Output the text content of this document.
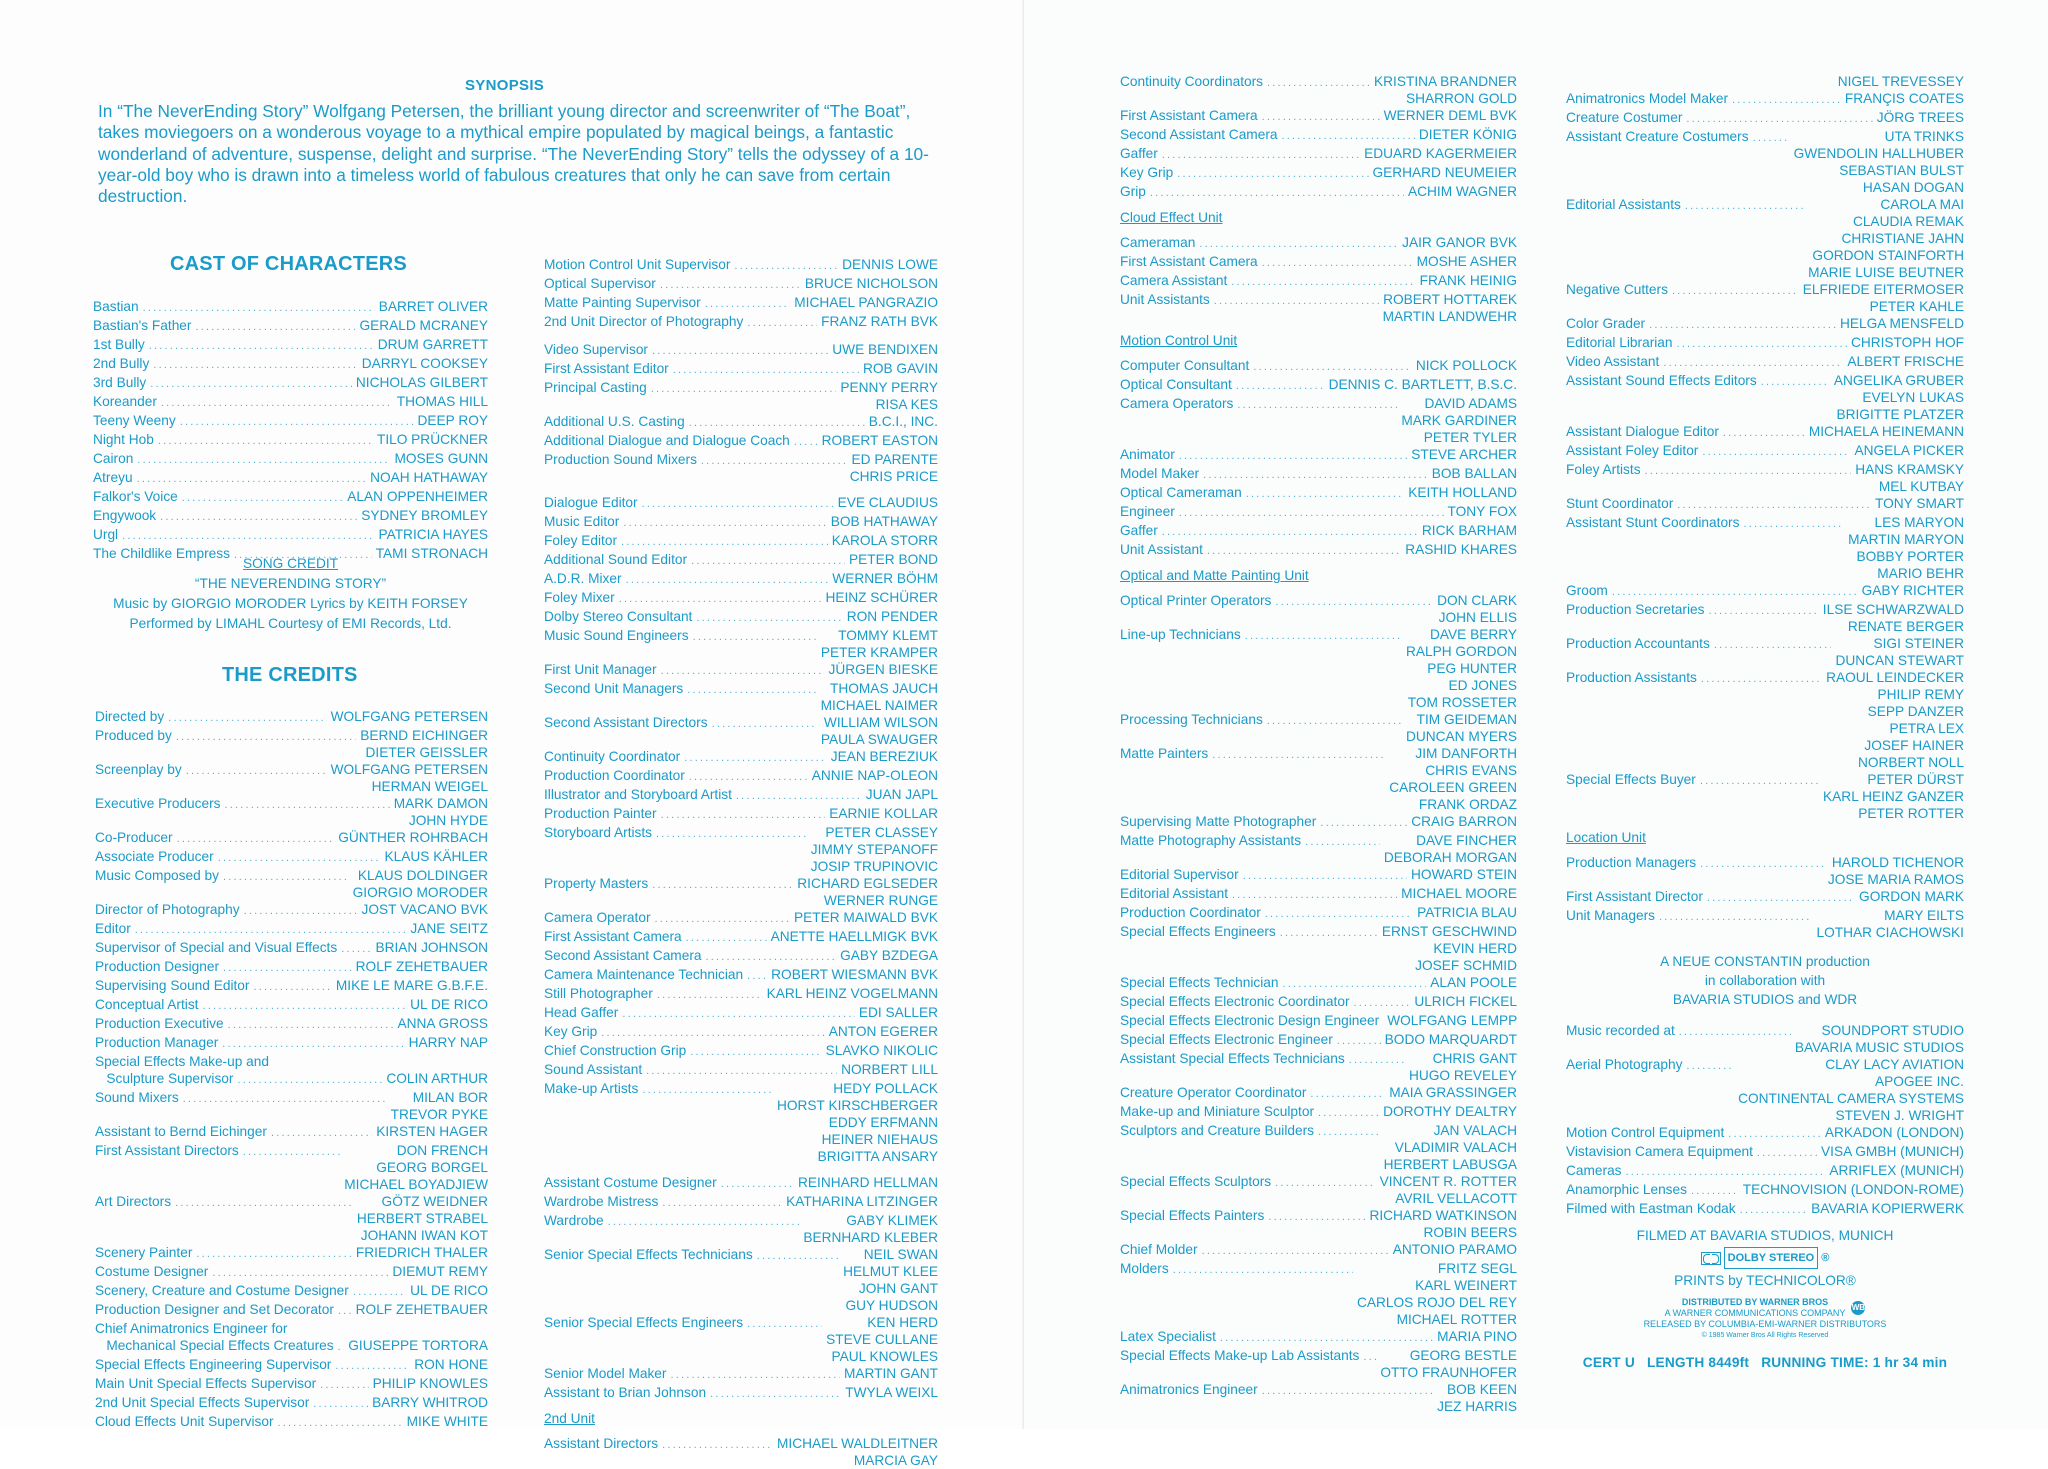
SYNOPSIS
In “The NeverEnding Story” Wolfgang Petersen, the brilliant young director and screenwriter of “The Boat”, takes moviegoers on a wonderous voyage to a mythical empire populated by magical beings, a fantastic wonderland of adventure, suspense, delight and surprise. “The NeverEnding Story” tells the odyssey of a 10-year-old boy who is drawn into a timeless world of fabulous creatures that only he can save from certain destruction.
CAST OF CHARACTERS
Bastian .....	BARRET OLIVER
Bastian's Father .....	GERALD MCRANEY
1st Bully .....	DRUM GARRETT
2nd Bully .....	DARRYL COOKSEY
3rd Bully .....	NICHOLAS GILBERT
Koreander .....	THOMAS HILL
Teeny Weeny .....	DEEP ROY
Night Hob .....	TILO PRÜCKNER
Cairon .....	MOSES GUNN
Atreyu .....	NOAH HATHAWAY
Falkor's Voice .....	ALAN OPPENHEIMER
Engywook .....	SYDNEY BROMLEY
Urgl .....	PATRICIA HAYES
The Childlike Empress .....	TAMI STRONACH
SONG CREDIT
“THE NEVERENDING STORY”
Music by GIORGIO MORODER Lyrics by KEITH FORSEY
Performed by LIMAHL Courtesy of EMI Records, Ltd.
THE CREDITS
Directed by .....	WOLFGANG PETERSEN
Produced by .....	BERND EICHINGER
DIETER GEISSLER
Screenplay by .....	WOLFGANG PETERSEN
HERMAN WEIGEL
Executive Producers .....	MARK DAMON
JOHN HYDE
Co-Producer .....	GÜNTHER ROHRBACH
Associate Producer .....	KLAUS KÄHLER
Music Composed by .....	KLAUS DOLDINGER
GIORGIO MORODER
Director of Photography .....	JOST VACANO BVK
Editor .....	JANE SEITZ
Supervisor of Special and Visual Effects .....	BRIAN JOHNSON
Production Designer .....	ROLF ZEHETBAUER
Supervising Sound Editor .....	MIKE LE MARE G.B.F.E.
Conceptual Artist .....	UL DE RICO
Production Executive .....	ANNA GROSS
Production Manager .....	HARRY NAP
Special Effects Make-up and
Sculpture Supervisor .....	COLIN ARTHUR
Sound Mixers .....	MILAN BOR
TREVOR PYKE
Assistant to Bernd Eichinger .....	KIRSTEN HAGER
First Assistant Directors .....	DON FRENCH
GEORG BORGEL
MICHAEL BOYADJIEW
Art Directors .....	GÖTZ WEIDNER
HERBERT STRABEL
JOHANN IWAN KOT
Scenery Painter .....	FRIEDRICH THALER
Costume Designer .....	DIEMUT REMY
Scenery, Creature and Costume Designer .....	UL DE RICO
Production Designer and Set Decorator ..... ROLF ZEHETBAUER
Chief Animatronics Engineer for
Mechanical Special Effects Creatures ..... GIUSEPPE TORTORA
Special Effects Engineering Supervisor .....	RON HONE
Main Unit Special Effects Supervisor .....	PHILIP KNOWLES
2nd Unit Special Effects Supervisor .....	BARRY WHITROD
Cloud Effects Unit Supervisor .....	MIKE WHITE
Motion Control Unit Supervisor .....	DENNIS LOWE
Optical Supervisor .....	BRUCE NICHOLSON
Matte Painting Supervisor .....	MICHAEL PANGRAZIO
2nd Unit Director of Photography .....	FRANZ RATH BVK
Video Supervisor .....	UWE BENDIXEN
First Assistant Editor .....	ROB GAVIN
Principal Casting .....	PENNY PERRY
RISA KES
Additional U.S. Casting .....	B.C.I., INC.
Additional Dialogue and Dialogue Coach ..... ROBERT EASTON
Production Sound Mixers .....	ED PARENTE
CHRIS PRICE
Dialogue Editor .....	EVE CLAUDIUS
Music Editor .....	BOB HATHAWAY
Foley Editor .....	KAROLA STORR
Additional Sound Editor .....	PETER BOND
A.D.R. Mixer .....	WERNER BÖHM
Foley Mixer .....	HEINZ SCHÜRER
Dolby Stereo Consultant .....	RON PENDER
Music Sound Engineers .....	TOMMY KLEMT
PETER KRAMPER
First Unit Manager .....	JÜRGEN BIESKE
Second Unit Managers .....	THOMAS JAUCH
MICHAEL NAIMER
Second Assistant Directors .....	WILLIAM WILSON
PAULA SWAUGER
Continuity Coordinator .....	JEAN BEREZIUK
Production Coordinator .....	ANNIE NAP-OLEON
Illustrator and Storyboard Artist .....	JUAN JAPL
Production Painter .....	EARNIE KOLLAR
Storyboard Artists .....	PETER CLASSEY
JIMMY STEPANOFF
JOSIP TRUPINOVIC
Property Masters .....	RICHARD EGLSEDER
WERNER RUNGE
Camera Operator .....	PETER MAIWALD BVK
First Assistant Camera .....	ANETTE HAELLMIGK BVK
Second Assistant Camera .....	GABY BZDEGA
Camera Maintenance Technician ..... ROBERT WIESMANN BVK
Still Photographer .....	KARL HEINZ VOGELMANN
Head Gaffer .....	EDI SALLER
Key Grip .....	ANTON EGERER
Chief Construction Grip .....	SLAVKO NIKOLIC
Sound Assistant .....	NORBERT LILL
Make-up Artists .....	HEDY POLLACK
HORST KIRSCHBERGER
EDDY ERFMANN
HEINER NIEHAUS
BRIGITTA ANSARY
Assistant Costume Designer .....	REINHARD HELLMAN
Wardrobe Mistress .....	KATHARINA LITZINGER
Wardrobe .....	GABY KLIMEK
BERNHARD KLEBER
Senior Special Effects Technicians .....	NEIL SWAN
HELMUT KLEE
JOHN GANT
GUY HUDSON
Senior Special Effects Engineers .....	KEN HERD
STEVE CULLANE
PAUL KNOWLES
Senior Model Maker .....	MARTIN GANT
Assistant to Brian Johnson .....	TWYLA WEIXL
2nd Unit
Assistant Directors .....	MICHAEL WALDLEITNER
MARCIA GAY
Continuity Coordinators .....	KRISTINA BRANDNER
SHARRON GOLD
First Assistant Camera .....	WERNER DEML BVK
Second Assistant Camera .....	DIETER KÖNIG
Gaffer .....	EDUARD KAGERMEIER
Key Grip .....	GERHARD NEUMEIER
Grip .....	ACHIM WAGNER
Cloud Effect Unit
Cameraman .....	JAIR GANOR BVK
First Assistant Camera .....	MOSHE ASHER
Camera Assistant .....	FRANK HEINIG
Unit Assistants .....	ROBERT HOTTAREK
MARTIN LANDWEHR
Motion Control Unit
Computer Consultant .....	NICK POLLOCK
Optical Consultant .....	DENNIS C. BARTLETT, B.S.C.
Camera Operators .....	DAVID ADAMS
MARK GARDINER
PETER TYLER
Animator .....	STEVE ARCHER
Model Maker .....	BOB BALLAN
Optical Cameraman .....	KEITH HOLLAND
Engineer .....	TONY FOX
Gaffer .....	RICK BARHAM
Unit Assistant .....	RASHID KHARES
Optical and Matte Painting Unit
Optical Printer Operators .....	DON CLARK
JOHN ELLIS
Line-up Technicians .....	DAVE BERRY
RALPH GORDON
PEG HUNTER
ED JONES
TOM ROSSETER
Processing Technicians .....	TIM GEIDEMAN
DUNCAN MYERS
Matte Painters .....	JIM DANFORTH
CHRIS EVANS
CAROLEEN GREEN
FRANK ORDAZ
Supervising Matte Photographer .....	CRAIG BARRON
Matte Photography Assistants .....	DAVE FINCHER
DEBORAH MORGAN
Editorial Supervisor .....	HOWARD STEIN
Editorial Assistant .....	MICHAEL MOORE
Production Coordinator .....	PATRICIA BLAU
Special Effects Engineers .....	ERNST GESCHWIND
KEVIN HERD
JOSEF SCHMID
Special Effects Technician .....	ALAN POOLE
Special Effects Electronic Coordinator .....	ULRICH FICKEL
Special Effects Electronic Design Engineer WOLFGANG LEMPP
Special Effects Electronic Engineer .....	BODO MARQUARDT
Assistant Special Effects Technicians .....	CHRIS GANT
HUGO REVELEY
Creature Operator Coordinator .....	MAIA GRASSINGER
Make-up and Miniature Sculptor .....	DOROTHY DEALTRY
Sculptors and Creature Builders .....	JAN VALACH
VLADIMIR VALACH
HERBERT LABUSGA
Special Effects Sculptors .....	VINCENT R. ROTTER
AVRIL VELLACOTT
Special Effects Painters .....	RICHARD WATKINSON
ROBIN BEERS
Chief Molder .....	ANTONIO PARAMO
Molders .....	FRITZ SEGL
KARL WEINERT
CARLOS ROJO DEL REY
MICHAEL ROTTER
Latex Specialist .....	MARIA PINO
Special Effects Make-up Lab Assistants .....	GEORG BESTLE
OTTO FRAUNHOFER
Animatronics Engineer .....	BOB KEEN
JEZ HARRIS
NIGEL TREVESSEY
Animatronics Model Maker .....	FRANÇIS COATES
Creature Costumer .....	JÖRG TREES
Assistant Creature Costumers .....	UTA TRINKS
GWENDOLIN HALLHUBER
SEBASTIAN BULST
HASAN DOGAN
Editorial Assistants .....	CAROLA MAI
CLAUDIA REMAK
CHRISTIANE JAHN
GORDON STAINFORTH
MARIE LUISE BEUTNER
Negative Cutters .....	ELFRIEDE EITERMOSER
PETER KAHLE
Color Grader .....	HELGA MENSFELD
Editorial Librarian .....	CHRISTOPH HOF
Video Assistant .....	ALBERT FRISCHE
Assistant Sound Effects Editors .....	ANGELIKA GRUBER
EVELYN LUKAS
BRIGITTE PLATZER
Assistant Dialogue Editor .....	MICHAELA HEINEMANN
Assistant Foley Editor .....	ANGELA PICKER
Foley Artists .....	HANS KRAMSKY
MEL KUTBAY
Stunt Coordinator .....	TONY SMART
Assistant Stunt Coordinators .....	LES MARYON
MARTIN MARYON
BOBBY PORTER
MARIO BEHR
Groom .....	GABY RICHTER
Production Secretaries .....	ILSE SCHWARZWALD
RENATE BERGER
Production Accountants .....	SIGI STEINER
DUNCAN STEWART
Production Assistants .....	RAOUL LEINDECKER
PHILIP REMY
SEPP DANZER
PETRA LEX
JOSEF HAINER
NORBERT NOLL
Special Effects Buyer .....	PETER DÜRST
KARL HEINZ GANZER
PETER ROTTER
Location Unit
Production Managers .....	HAROLD TICHENOR
JOSE MARIA RAMOS
First Assistant Director .....	GORDON MARK
Unit Managers .....	MARY EILTS
LOTHAR CIACHOWSKI
A NEUE CONSTANTIN production
in collaboration with
BAVARIA STUDIOS and WDR
Music recorded at .....	SOUNDPORT STUDIO
BAVARIA MUSIC STUDIOS
Aerial Photography .....	CLAY LACY AVIATION
APOGEE INC.
CONTINENTAL CAMERA SYSTEMS
STEVEN J. WRIGHT
Motion Control Equipment .....	ARKADON (LONDON)
Vistavision Camera Equipment .....	VISA GMBH (MUNICH)
Cameras .....	ARRIFLEX (MUNICH)
Anamorphic Lenses .....	TECHNOVISION (LONDON-ROME)
Filmed with Eastman Kodak .....	BAVARIA KOPIERWERK
FILMED AT BAVARIA STUDIOS, MUNICH
DOLBY STEREO ®
PRINTS by TECHNICOLOR®
DISTRIBUTED BY WARNER BROS
A WARNER COMMUNICATIONS COMPANY
WB
RELEASED BY COLUMBIA-EMI-WARNER DISTRIBUTORS
© 1985 Warner Bros All Rights Reserved
CERT U   LENGTH 8449ft   RUNNING TIME: 1 hr 34 min
